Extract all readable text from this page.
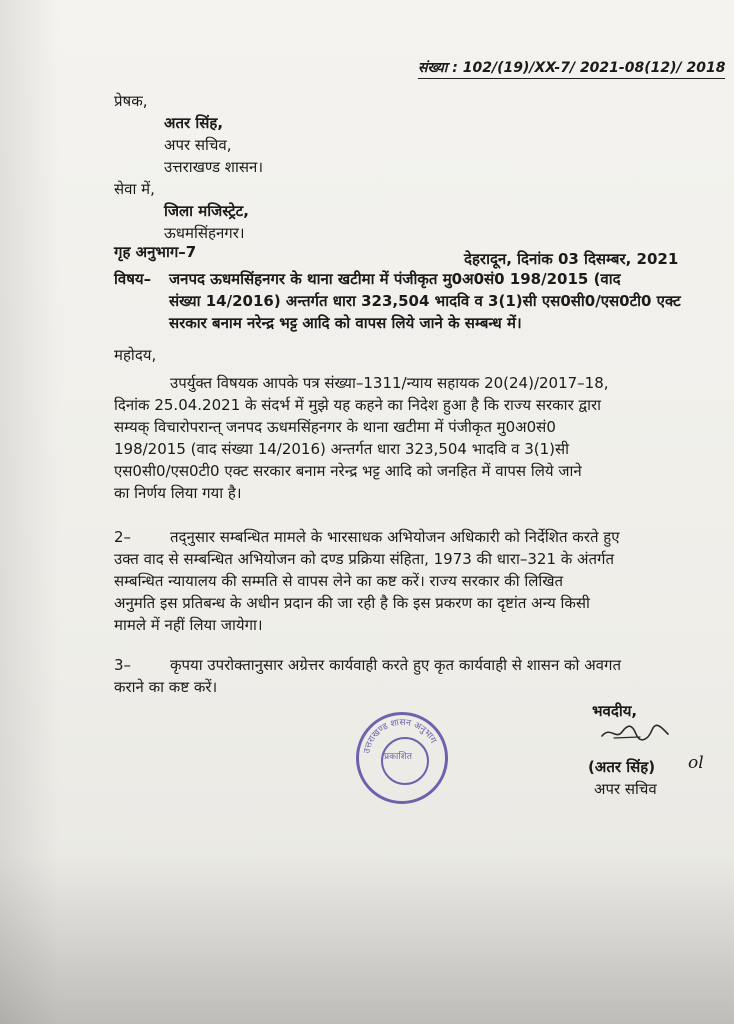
संख्या : 102/(19)/XX-7/ 2021-08(12)/ 2018
प्रेषक,
अतर सिंह,
अपर सचिव,
उत्तराखण्ड शासन।
सेवा में,
जिला मजिस्ट्रेट,
ऊधमसिंहनगर।
गृह अनुभाग–7	देहरादून, दिनांक 03 दिसम्बर, 2021
विषय– जनपद ऊधमसिंहनगर के थाना खटीमा में पंजीकृत मु0अ0सं0 198/2015 (वाद
संख्या 14/2016) अन्तर्गत धारा 323,504 भादवि व 3(1)सी एस0सी0/एस0टी0 एक्ट
सरकार बनाम नरेन्द्र भट्ट आदि को वापस लिये जाने के सम्बन्ध में।
महोदय,
उपर्युक्त विषयक आपके पत्र संख्या–1311/न्याय सहायक 20(24)/2017–18,
दिनांक 25.04.2021 के संदर्भ में मुझे यह कहने का निदेश हुआ है कि राज्य सरकार द्वारा
सम्यक् विचारोपरान्त् जनपद ऊधमसिंहनगर के थाना खटीमा में पंजीकृत मु0अ0सं0
198/2015 (वाद संख्या 14/2016) अन्तर्गत धारा 323,504 भादवि व 3(1)सी
एस0सी0/एस0टी0 एक्ट सरकार बनाम नरेन्द्र भट्ट आदि को जनहित में वापस लिये जाने
का निर्णय लिया गया है।
2–	तद्नुसार सम्बन्धित मामले के भारसाधक अभियोजन अधिकारी को निर्देशित करते हुए
उक्त वाद से सम्बन्धित अभियोजन को दण्ड प्रक्रिया संहिता, 1973 की धारा–321 के अंतर्गत
सम्बन्धित न्यायालय की सम्मति से वापस लेने का कष्ट करें। राज्य सरकार की लिखित
अनुमति इस प्रतिबन्ध के अधीन प्रदान की जा रही है कि इस प्रकरण का दृष्टांत अन्य किसी
मामले में नहीं लिया जायेगा।
3–	कृपया उपरोक्तानुसार अग्रेत्तर कार्यवाही करते हुए कृत कार्यवाही से शासन को अवगत
कराने का कष्ट करें।
उत्तराखण्ड शासन अनुभाग
प्रकाशित
भवदीय,
(अतर सिंह)
अपर सचिव
ol
